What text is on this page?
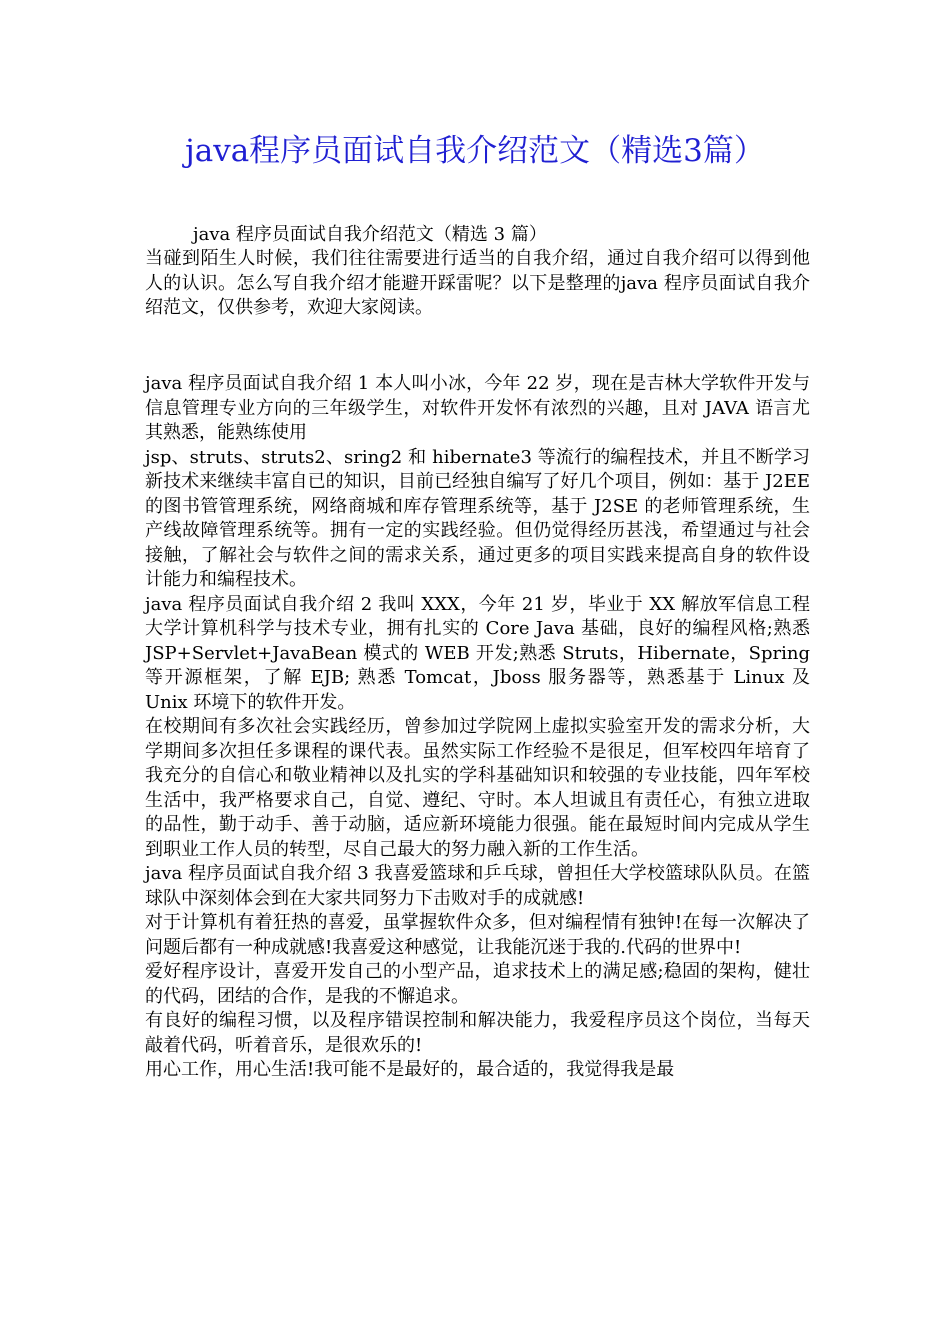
java程序员面试自我介绍范文（精选3篇）

java 程序员面试自我介绍范文（精选 3 篇）

当碰到陌生人时候，我们往往需要进行适当的自我介绍，通过自我介绍可以得到他人的认识。怎么写自我介绍才能避开踩雷呢？以下是整理的java 程序员面试自我介绍范文，仅供参考，欢迎大家阅读。

java 程序员面试自我介绍 1 本人叫小冰，今年 22 岁，现在是吉林大学软件开发与信息管理专业方向的三年级学生，对软件开发怀有浓烈的兴趣，且对 JAVA 语言尤其熟悉，能熟练使用
jsp、struts、struts2、sring2 和 hibernate3 等流行的编程技术，并且不断学习新技术来继续丰富自已的知识，目前已经独自编写了好几个项目，例如：基于 J2EE 的图书管管理系统，网络商城和库存管理系统等，基于 J2SE 的老师管理系统，生产线故障管理系统等。拥有一定的实践经验。但仍觉得经历甚浅，希望通过与社会接触，了解社会与软件之间的需求关系，通过更多的项目实践来提高自身的软件设计能力和编程技术。
java 程序员面试自我介绍 2 我叫 XXX，今年 21 岁，毕业于 XX 解放军信息工程大学计算机科学与技术专业，拥有扎实的 Core Java 基础，良好的编程风格;熟悉 JSP+Servlet+JavaBean 模式的 WEB 开发;熟悉 Struts，Hibernate，Spring 等开源框架，了解 EJB; 熟悉 Tomcat，Jboss 服务器等，熟悉基于 Linux 及 Unix 环境下的软件开发。
在校期间有多次社会实践经历，曾参加过学院网上虚拟实验室开发的需求分析，大学期间多次担任多课程的课代表。虽然实际工作经验不是很足，但军校四年培育了我充分的自信心和敬业精神以及扎实的学科基础知识和较强的专业技能，四年军校生活中，我严格要求自己，自觉、遵纪、守时。本人坦诚且有责任心，有独立进取的品性，勤于动手、善于动脑，适应新环境能力很强。能在最短时间内完成从学生到职业工作人员的转型，尽自己最大的努力融入新的工作生活。
java 程序员面试自我介绍 3 我喜爱篮球和乒乓球，曾担任大学校篮球队队员。在篮球队中深刻体会到在大家共同努力下击败对手的成就感!
对于计算机有着狂热的喜爱，虽掌握软件众多，但对编程情有独钟!在每一次解决了问题后都有一种成就感!我喜爱这种感觉，让我能沉迷于我的.代码的世界中!
爱好程序设计，喜爱开发自己的小型产品，追求技术上的满足感;稳固的架构，健壮的代码，团结的合作，是我的不懈追求。
有良好的编程习惯，以及程序错误控制和解决能力，我爱程序员这个岗位，当每天敲着代码，听着音乐，是很欢乐的!
用心工作，用心生活!我可能不是最好的，最合适的，我觉得我是最
